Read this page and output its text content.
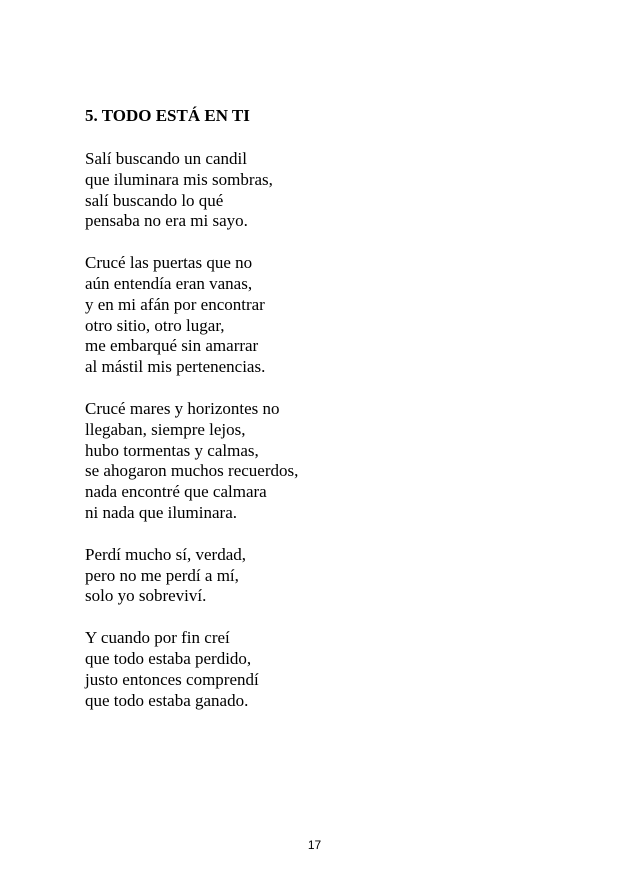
5. TODO ESTÁ EN TI
Salí buscando un candil
que iluminara mis sombras,
salí buscando lo qué
pensaba no era mi sayo.
Crucé las puertas que no
aún entendía eran vanas,
y en mi afán por encontrar
otro sitio, otro lugar,
me embarqué sin amarrar
al mástil mis pertenencias.
Crucé mares y horizontes no
llegaban, siempre lejos,
hubo tormentas y calmas,
se ahogaron muchos recuerdos,
nada encontré que calmara
ni nada que iluminara.
Perdí mucho sí, verdad,
pero no me perdí a mí,
solo yo sobreviví.
Y cuando por fin creí
que todo estaba perdido,
justo entonces comprendí
que todo estaba ganado.
17
